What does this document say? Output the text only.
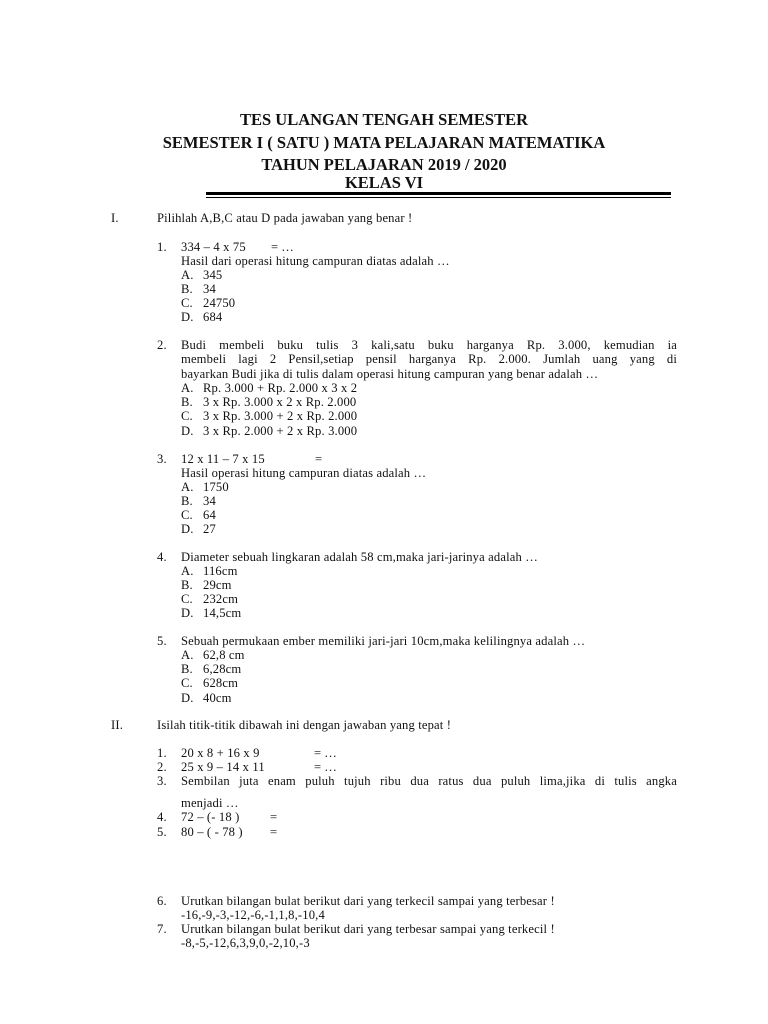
TES ULANGAN TENGAH SEMESTER
SEMESTER I ( SATU ) MATA PELAJARAN MATEMATIKA
TAHUN PELAJARAN 2019 / 2020
KELAS VI
I.	Pilihlah A,B,C atau D pada jawaban yang benar !
1. 334 – 4 x 75 = …
Hasil dari operasi hitung campuran diatas adalah …
A. 345
B. 34
C. 24750
D. 684
2. Budi membeli buku tulis 3 kali,satu buku harganya Rp. 3.000, kemudian ia
membeli lagi 2 Pensil,setiap pensil harganya Rp. 2.000. Jumlah uang yang di
bayarkan Budi jika di tulis dalam operasi hitung campuran yang benar adalah …
A. Rp. 3.000 + Rp. 2.000 x 3 x 2
B. 3 x Rp. 3.000 x 2 x Rp. 2.000
C. 3 x Rp. 3.000 + 2 x Rp. 2.000
D. 3 x Rp. 2.000 + 2 x Rp. 3.000
3. 12 x 11 – 7 x 15	=
Hasil operasi hitung campuran diatas adalah …
A. 1750
B. 34
C. 64
D. 27
4. Diameter sebuah lingkaran adalah 58 cm,maka jari-jarinya adalah …
A. 116cm
B. 29cm
C. 232cm
D. 14,5cm
5. Sebuah permukaan ember memiliki jari-jari 10cm,maka kelilingnya adalah …
A. 62,8 cm
B. 6,28cm
C. 628cm
D. 40cm
II.	Isilah titik-titik dibawah ini dengan jawaban yang tepat !
1. 20 x 8 + 16 x 9	= …
2. 25 x 9 – 14 x 11	= …
3. Sembilan juta enam puluh tujuh ribu dua ratus dua puluh lima,jika di tulis angka
menjadi …
4. 72 – (- 18 ) =
5. 80 – ( - 78 ) =
6. Urutkan bilangan bulat berikut dari yang terkecil sampai yang terbesar !
-16,-9,-3,-12,-6,-1,1,8,-10,4
7. Urutkan bilangan bulat berikut dari yang terbesar sampai yang terkecil !
-8,-5,-12,6,3,9,0,-2,10,-3
